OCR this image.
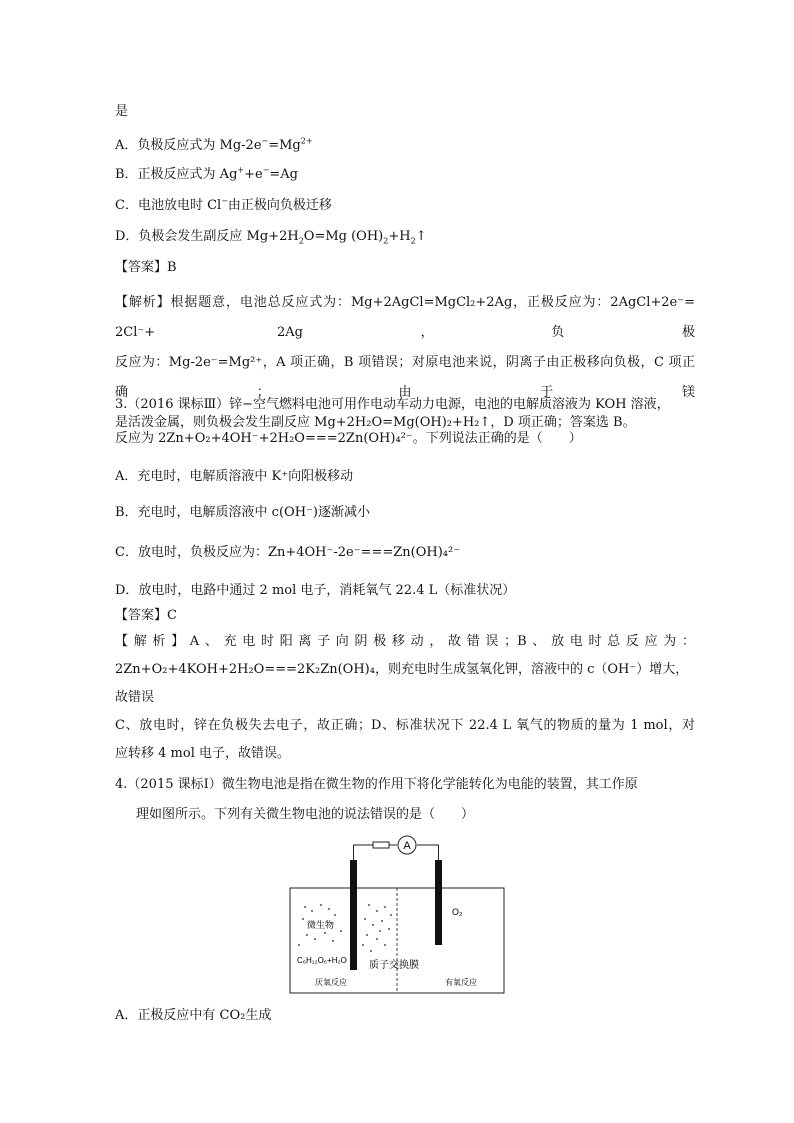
是
A．负极反应式为 $Mg-2e^-=Mg^{2+}$
B．正极反应式为 Ag++e−=Ag
C．电池放电时 Cl−由正极向负极迁移
D．负极会发生副反应 $Mg+2H_2O=Mg$ $(OH)_2+H_2↑$
【答案】B
【解析】根据题意，电池总反应式为：Mg+2AgCl=MgCl₂+2Ag，正极反应为：2AgCl+2e⁻= 2Cl⁻+ 2Ag，负极
反应为：Mg-2e⁻=Mg²⁺，A 项正确，B 项错误；对原电池来说，阴离子由正极移向负极，C 项正确；由于镁
是活泼金属，则负极会发生副反应 Mg+2H₂O=Mg(OH)₂+H₂↑，D 项正确；答案选 B。
3.（2016 课标Ⅲ）锌−空气燃料电池可用作电动车动力电源，电池的电解质溶液为 KOH 溶液，
反应为 2Zn+O₂+4OH⁻+2H₂O===2Zn(OH)₄²⁻。下列说法正确的是（　　）
A．充电时，电解质溶液中 K⁺向阳极移动
B．充电时，电解质溶液中 c(OH⁻)逐渐减小
C．放电时，负极反应为：Zn+4OH⁻-2e⁻===Zn(OH)₄²⁻
D．放电时，电路中通过 2 mol 电子，消耗氧气 22.4 L（标准状况）
【答案】C
【解析】A、充电时阳离子向阴极移动，故错误；B、放电时总反应为：
2Zn+O₂+4KOH+2H₂O===2K₂Zn(OH)₄，则充电时生成氢氧化钾，溶液中的 c（OH⁻）增大，故错误
C、放电时，锌在负极失去电子，故正确；D、标准状况下 22.4 L 氧气的物质的量为 1 mol，对
应转移 4 mol 电子，故错误。
4.（2015 课标Ⅰ）微生物电池是指在微生物的作用下将化学能转化为电能的装置，其工作原
理如图所示。下列有关微生物电池的说法错误的是（　　）
A
O₂
微生物
C₆H₁₂O₆+H₂O 质子交换膜
厌氧反应	有氧反应
A．正极反应中有 CO₂生成
